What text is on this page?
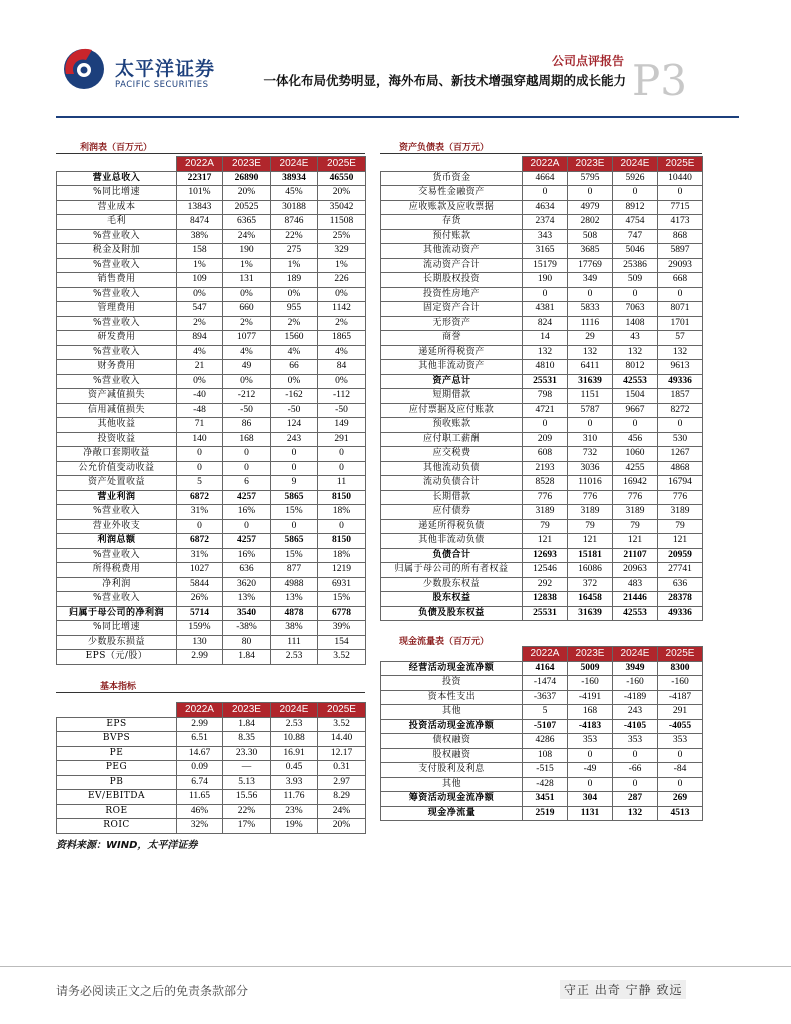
太平洋证券
PACIFIC SECURITIES
公司点评报告
一体化布局优势明显，海外布局、新技术增强穿越周期的成长能力 P3
利润表（百万元）
	2022A	2023E	2024E	2025E
营业总收入	22317	26890	38934	46550
%同比增速	101%	20%	45%	20%
营业成本	13843	20525	30188	35042
毛利	8474	6365	8746	11508
%营业收入	38%	24%	22%	25%
税金及附加	158	190	275	329
%营业收入	1%	1%	1%	1%
销售费用	109	131	189	226
%营业收入	0%	0%	0%	0%
管理费用	547	660	955	1142
%营业收入	2%	2%	2%	2%
研发费用	894	1077	1560	1865
%营业收入	4%	4%	4%	4%
财务费用	21	49	66	84
%营业收入	0%	0%	0%	0%
资产减值损失	-40	-212	-162	-112
信用减值损失	-48	-50	-50	-50
其他收益	71	86	124	149
投资收益	140	168	243	291
净敞口套期收益	0	0	0	0
公允价值变动收益	0	0	0	0
资产处置收益	5	6	9	11
营业利润	6872	4257	5865	8150
%营业收入	31%	16%	15%	18%
营业外收支	0	0	0	0
利润总额	6872	4257	5865	8150
%营业收入	31%	16%	15%	18%
所得税费用	1027	636	877	1219
净利润	5844	3620	4988	6931
%营业收入	26%	13%	13%	15%
归属于母公司的净利润	5714	3540	4878	6778
%同比增速	159%	-38%	38%	39%
少数股东损益	130	80	111	154
EPS（元/股）	2.99	1.84	2.53	3.52
资产负债表（百万元）
	2022A	2023E	2024E	2025E
货币资金	4664	5795	5926	10440
交易性金融资产	0	0	0	0
应收账款及应收票据	4634	4979	8912	7715
存货	2374	2802	4754	4173
预付账款	343	508	747	868
其他流动资产	3165	3685	5046	5897
流动资产合计	15179	17769	25386	29093
长期股权投资	190	349	509	668
投资性房地产	0	0	0	0
固定资产合计	4381	5833	7063	8071
无形资产	824	1116	1408	1701
商誉	14	29	43	57
递延所得税资产	132	132	132	132
其他非流动资产	4810	6411	8012	9613
资产总计	25531	31639	42553	49336
短期借款	798	1151	1504	1857
应付票据及应付账款	4721	5787	9667	8272
预收账款	0	0	0	0
应付职工薪酬	209	310	456	530
应交税费	608	732	1060	1267
其他流动负债	2193	3036	4255	4868
流动负债合计	8528	11016	16942	16794
长期借款	776	776	776	776
应付债券	3189	3189	3189	3189
递延所得税负债	79	79	79	79
其他非流动负债	121	121	121	121
负债合计	12693	15181	21107	20959
归属于母公司的所有者权益	12546	16086	20963	27741
少数股东权益	292	372	483	636
股东权益	12838	16458	21446	28378
负债及股东权益	25531	31639	42553	49336
基本指标
	2022A	2023E	2024E	2025E
EPS	2.99	1.84	2.53	3.52
BVPS	6.51	8.35	10.88	14.40
PE	14.67	23.30	16.91	12.17
PEG	0.09	—	0.45	0.31
PB	6.74	5.13	3.93	2.97
EV/EBITDA	11.65	15.56	11.76	8.29
ROE	46%	22%	23%	24%
ROIC	32%	17%	19%	20%
现金流量表（百万元）
	2022A	2023E	2024E	2025E
经营活动现金流净额	4164	5009	3949	8300
投资	-1474	-160	-160	-160
资本性支出	-3637	-4191	-4189	-4187
其他	5	168	243	291
投资活动现金流净额	-5107	-4183	-4105	-4055
债权融资	4286	353	353	353
股权融资	108	0	0	0
支付股利及利息	-515	-49	-66	-84
其他	-428	0	0	0
筹资活动现金流净额	3451	304	287	269
现金净流量	2519	1131	132	4513
资料来源：WIND，太平洋证券
请务必阅读正文之后的免责条款部分	守正 出奇 宁静 致远
